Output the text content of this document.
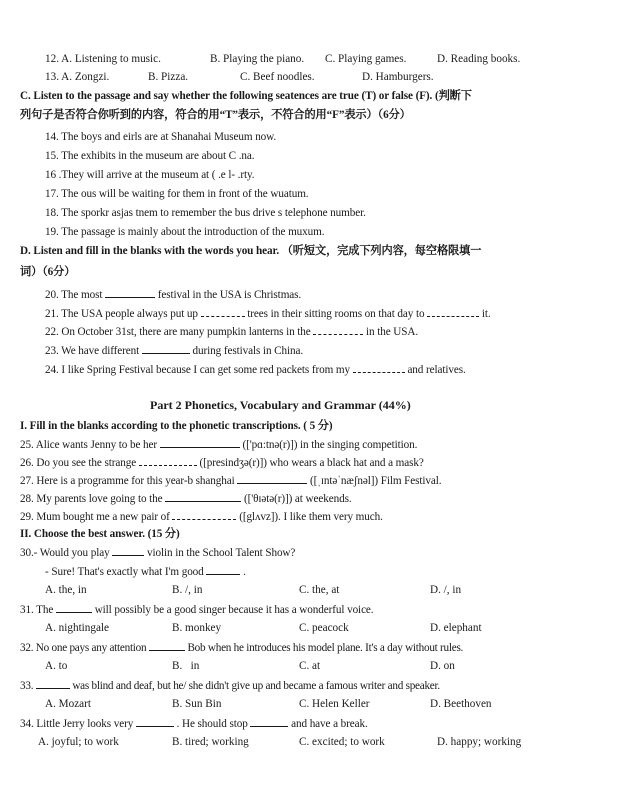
12. A. Listening to music.	B. Playing the piano. C. Playing games.	D. Reading books.
13. A. Zongzi.	B. Pizza.	C. Beef noodles.	D. Hamburgers.
C. Listen to the passage and say whether the following seatences are true (T) or false (F). (判断下
列句子是否符合你听到的内容，符合的用“T”表示，不符合的用“F”表示）（6分）
14. The boys and eirls are at Shanahai Museum now.
15. The exhibits in the museum are about C .na.
16 .They will arrive at the museum at ( .e l- .rty.
17. The ous will be waiting for them in front of the wuatum.
18. The sporkr asjas tnem to remember the bus drive s telephone number.
19. The passage is mainly about the introduction of the muxum.
D. Listen and fill in the blanks with the words you hear. （听短文，完成下列内容，每空格限填一
词）（6分）
20. The most	festival in the USA is Christmas.
21. The USA people always put up	trees in their sitting rooms on that day to	it.
22. On October 31st, there are many pumpkin lanterns in the	in the USA.
23. We have different	during festivals in China.
24. I like Spring Festival because I can get some red packets from my	and relatives.
Part 2 Phonetics, Vocabulary and Grammar (44%)
I. Fill in the blanks according to the phonetic transcriptions. ( 5 分)
25. Alice wants Jenny to be her	(['pɑ:tnə(r)]) in the singing competition.
26. Do you see the strange	([presindʒə(r)]) who wears a black hat and a mask?
27. Here is a programme for this year-b shanghai	([ˌɪntəˈnæʃnəl]) Film Festival.
28. My parents love going to the	(['θɪətə(r)]) at weekends.
29. Mum bought me a new pair of	([glʌvz]). I like them very much.
II. Choose the best answer. (15 分)
30.- Would you play	violin in the School Talent Show?
- Sure! That's exactly what I'm good	.
A. the, in	B. /, in	C. the, at	D. /, in
31. The	will possibly be a good singer because it has a wonderful voice.
A. nightingale	B. monkey	C. peacock	D. elephant
32. No one pays any attention	Bob when he introduces his model plane. It's a day without rules.
A. to	B.   in	C. at	D. on
33.	was blind and deaf, but he/ she didn't give up and became a famous writer and speaker.
A. Mozart	B. Sun Bin	C. Helen Keller	D. Beethoven
34. Little Jerry looks very	. He should stop	and have a break.
A. joyful; to work	B. tired; working	C. excited; to work	D. happy; working
